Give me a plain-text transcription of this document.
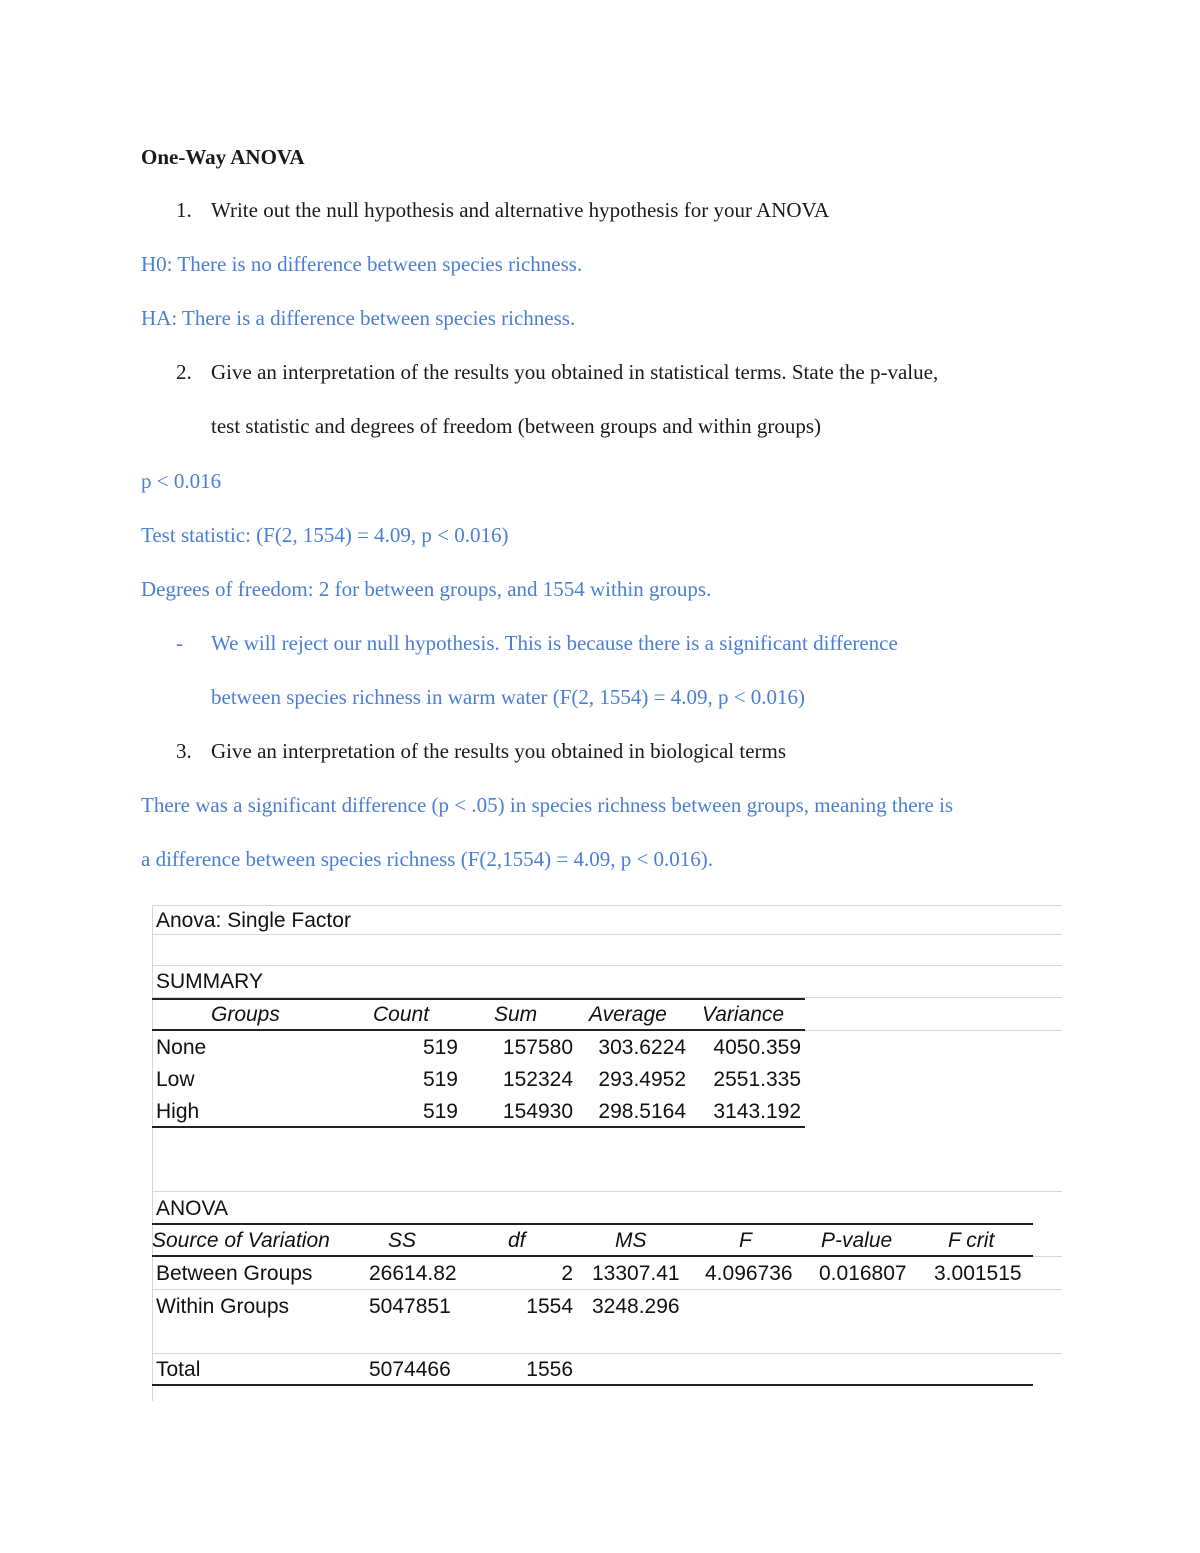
One-Way ANOVA
1. Write out the null hypothesis and alternative hypothesis for your ANOVA
H0: There is no difference between species richness.
HA: There is a difference between species richness.
2. Give an interpretation of the results you obtained in statistical terms. State the p-value,
test statistic and degrees of freedom (between groups and within groups)
p < 0.016
Test statistic: (F(2, 1554) = 4.09, p < 0.016)
Degrees of freedom: 2 for between groups, and 1554 within groups.
- We will reject our null hypothesis. This is because there is a significant difference
between species richness in warm water (F(2, 1554) = 4.09, p < 0.016)
3. Give an interpretation of the results you obtained in biological terms
There was a significant difference (p < .05) in species richness between groups, meaning there is
a difference between species richness (F(2,1554) = 4.09, p < 0.016).
Anova: Single Factor
SUMMARY
Groups	Count	Sum Average Variance
None	519	157580	303.6224	4050.359
Low	519	152324	293.4952	2551.335
High	519	154930	298.5164	3143.192
ANOVA
Source of Variation	SS	df	MS	F	P-value	F crit
Between Groups	26614.82	2 13307.41 4.096736 0.016807 3.001515
Within Groups	5047851	1554 3248.296
Total	5074466	1556
